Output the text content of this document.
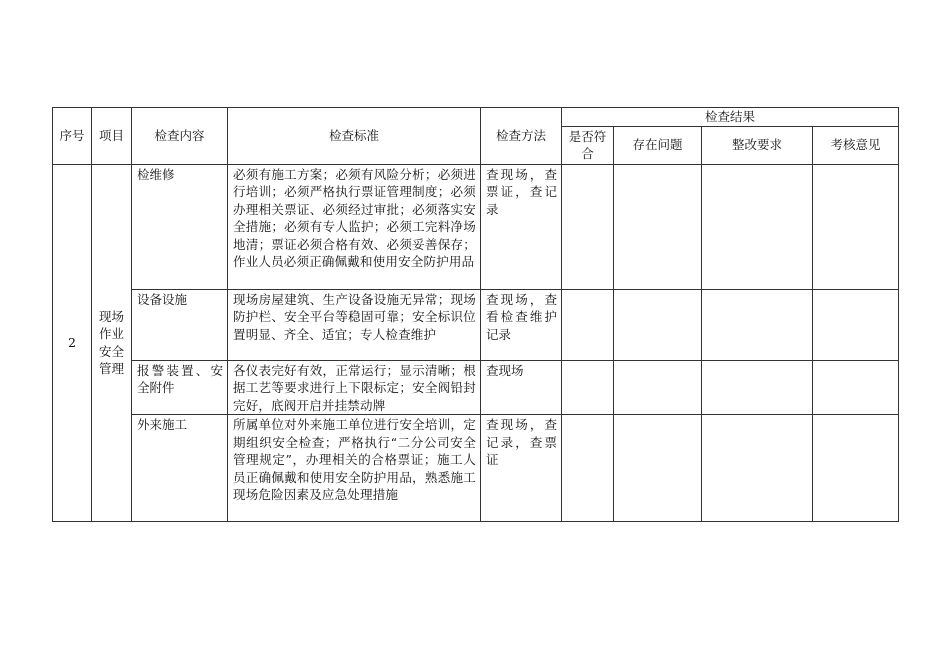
序号	项目	检查内容	检查标准	检查方法	检查结果			
					是否符合	存在问题	整改要求	考核意见
2	现场作业安全管理	检维修	必须有施工方案；必须有风险分析；必须进行培训；必须严格执行票证管理制度；必须办理相关票证、必须经过审批；必须落实安全措施；必须有专人监护；必须工完料净场地清；票证必须合格有效、必须妥善保存；作业人员必须正确佩戴和使用安全防护用品	查现场，查票证，查记录				
		设备设施	现场房屋建筑、生产设备设施无异常；现场防护栏、安全平台等稳固可靠；安全标识位置明显、齐全、适宜；专人检查维护	查现场，查看检查维护记录				
		报警装置、安全附件	各仪表完好有效，正常运行；显示清晰；根据工艺等要求进行上下限标定；安全阀铅封完好，底阀开启并挂禁动牌	查现场				
		外来施工	所属单位对外来施工单位进行安全培训，定期组织安全检查；严格执行“二分公司安全管理规定”，办理相关的合格票证；施工人员正确佩戴和使用安全防护用品，熟悉施工现场危险因素及应急处理措施	查现场，查记录，查票证				
